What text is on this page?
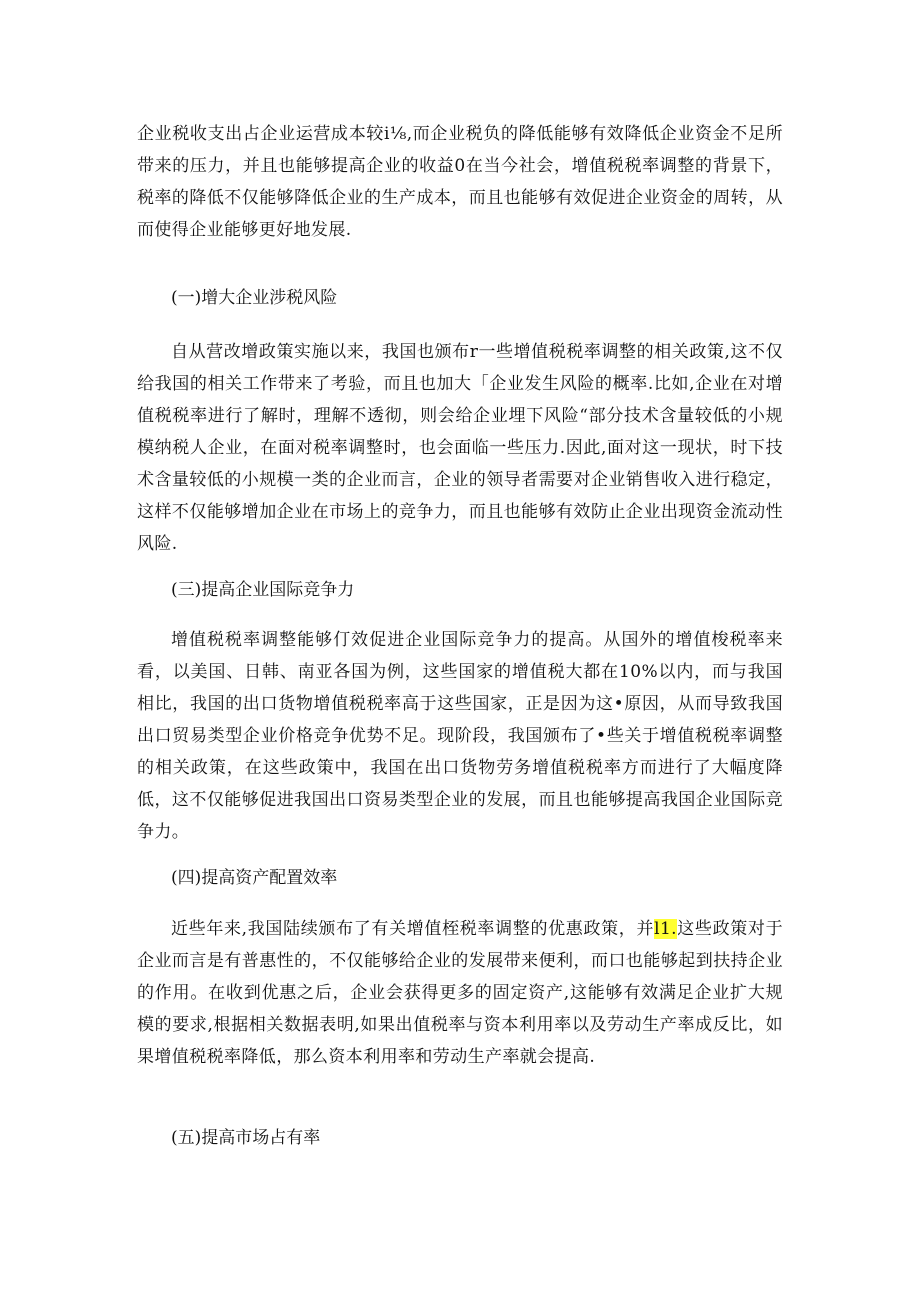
企业税收支出占企业运营成本较i⅛,而企业税负的降低能够有效降低企业资金不足所带来的压力，并且也能够提高企业的收益0在当今社会，增值税税率调整的背景下，税率的降低不仅能够降低企业的生产成本，而且也能够有效促进企业资金的周转，从而使得企业能够更好地发展.

(一)增大企业涉税风险

自从营改增政策实施以来，我国也颁布r一些增值税税率调整的相关政策,这不仅给我国的相关工作带来了考验，而且也加大「企业发生风险的概率.比如,企业在对增值税税率进行了解时，理解不透彻，则会给企业埋下风险“部分技术含量较低的小规模纳税人企业，在面对税率调整时，也会面临一些压力.因此,面对这一现状，时下技术含量较低的小规模一类的企业而言，企业的领导者需要对企业销售收入进行稳定，这样不仅能够增加企业在市场上的竞争力，而且也能够有效防止企业出现资金流动性风险.

(三)提高企业国际竞争力

增值税税率调整能够仃效促进企业国际竞争力的提高。从国外的增值梭税率来看，以美国、日韩、南亚各国为例，这些国家的增值税大都在10%以内，而与我国相比，我国的出口货物增值税税率高于这些国家，正是因为这•原因，从而导致我国出口贸易类型企业价格竞争优势不足。现阶段，我国颁布了•些关于增值税税率调整的相关政策，在这些政策中，我国在出口货物劳务增值税税率方而进行了大幅度降低，这不仅能够促进我国出口资易类型企业的发展，而且也能够提高我国企业国际竞争力。

(四)提高资产配置效率

近些年来,我国陆续颁布了有关增值桎税率调整的优惠政策，并l1.这些政策对于企业而言是有普惠性的，不仅能够给企业的发展带来便利，而口也能够起到扶持企业的作用。在收到优惠之后，企业会获得更多的固定资产,这能够有效满足企业扩大规模的要求,根据相关数据表明,如果出值税率与资本利用率以及劳动生产率成反比，如果增值税税率降低，那么资本利用率和劳动生产率就会提高.

(五)提高市场占有率
